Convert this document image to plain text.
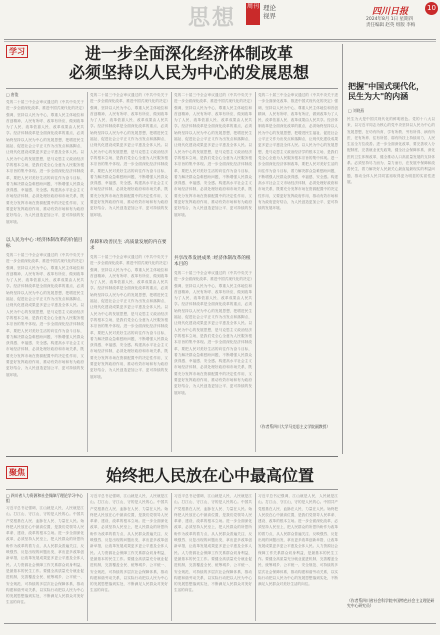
思想 周刊 理论
视界	四川日报	10
2024年8月 1日 星期四
责任编辑 赵英 组版 李梅
学习	进一步全面深化经济体制改革
必须坚持以人民为中心的发展思想
□ 唐俊
党的二十届三中全会审议通过的《中共中央关于进一步全面深化改革、推进中国式现代化的决定》强调，坚持以人民为中心，尊重人民主体地位和首创精神，人民有所呼、改革有所应，做到改革为了人民、改革依靠人民、改革成果由人民共享。经济体制改革是全面深化改革的重点，必须始终坚持以人民为中心的发展思想，把增进民生福祉、促进社会公平正义作为出发点和落脚点，让现代化建设成果更多更公平惠及全体人民。以人民为中心的发展思想，是马克思主义政治经济学的根本立场，是我们党全心全意为人民服务根本宗旨的集中体现。进一步全面深化经济体制改革，要把人民对美好生活的向往作为奋斗目标，着力解决群众急难愁盼问题，不断增强人民群众获得感、幸福感、安全感。构建高水平社会主义市场经济体制，必须处理好政府和市场关系，既要充分发挥市场在资源配置中的决定性作用，又要更好发挥政府作用，推动有效市场和有为政府更好结合，为人民创造更加公平、更可持续的发展环境。
以人民为中心 :经济体制改革的价值目标
党的二十届三中全会审议通过的《中共中央关于进一步全面深化改革、推进中国式现代化的决定》强调，坚持以人民为中心，尊重人民主体地位和首创精神，人民有所呼、改革有所应，做到改革为了人民、改革依靠人民、改革成果由人民共享。经济体制改革是全面深化改革的重点，必须始终坚持以人民为中心的发展思想，把增进民生福祉、促进社会公平正义作为出发点和落脚点，让现代化建设成果更多更公平惠及全体人民。以人民为中心的发展思想，是马克思主义政治经济学的根本立场，是我们党全心全意为人民服务根本宗旨的集中体现。进一步全面深化经济体制改革，要把人民对美好生活的向往作为奋斗目标，着力解决群众急难愁盼问题，不断增强人民群众获得感、幸福感、安全感。构建高水平社会主义市场经济体制，必须处理好政府和市场关系，既要充分发挥市场在资源配置中的决定性作用，又要更好发挥政府作用，推动有效市场和有为政府更好结合，为人民创造更加公平、更可持续的发展环境。
党的二十届三中全会审议通过的《中共中央关于进一步全面深化改革、推进中国式现代化的决定》强调，坚持以人民为中心，尊重人民主体地位和首创精神，人民有所呼、改革有所应，做到改革为了人民、改革依靠人民、改革成果由人民共享。经济体制改革是全面深化改革的重点，必须始终坚持以人民为中心的发展思想，把增进民生福祉、促进社会公平正义作为出发点和落脚点，让现代化建设成果更多更公平惠及全体人民。以人民为中心的发展思想，是马克思主义政治经济学的根本立场，是我们党全心全意为人民服务根本宗旨的集中体现。进一步全面深化经济体制改革，要把人民对美好生活的向往作为奋斗目标，着力解决群众急难愁盼问题，不断增强人民群众获得感、幸福感、安全感。构建高水平社会主义市场经济体制，必须处理好政府和市场关系，既要充分发挥市场在资源配置中的决定性作用，又要更好发挥政府作用，推动有效市场和有为政府更好结合，为人民创造更加公平、更可持续的发展环境。
保障和改善民生 :高质量发展的内在要求
党的二十届三中全会审议通过的《中共中央关于进一步全面深化改革、推进中国式现代化的决定》强调，坚持以人民为中心，尊重人民主体地位和首创精神，人民有所呼、改革有所应，做到改革为了人民、改革依靠人民、改革成果由人民共享。经济体制改革是全面深化改革的重点，必须始终坚持以人民为中心的发展思想，把增进民生福祉、促进社会公平正义作为出发点和落脚点，让现代化建设成果更多更公平惠及全体人民。以人民为中心的发展思想，是马克思主义政治经济学的根本立场，是我们党全心全意为人民服务根本宗旨的集中体现。进一步全面深化经济体制改革，要把人民对美好生活的向往作为奋斗目标，着力解决群众急难愁盼问题，不断增强人民群众获得感、幸福感、安全感。构建高水平社会主义市场经济体制，必须处理好政府和市场关系，既要充分发挥市场在资源配置中的决定性作用，又要更好发挥政府作用，推动有效市场和有为政府更好结合，为人民创造更加公平、更可持续的发展环境。
党的二十届三中全会审议通过的《中共中央关于进一步全面深化改革、推进中国式现代化的决定》强调，坚持以人民为中心，尊重人民主体地位和首创精神，人民有所呼、改革有所应，做到改革为了人民、改革依靠人民、改革成果由人民共享。经济体制改革是全面深化改革的重点，必须始终坚持以人民为中心的发展思想，把增进民生福祉、促进社会公平正义作为出发点和落脚点，让现代化建设成果更多更公平惠及全体人民。以人民为中心的发展思想，是马克思主义政治经济学的根本立场，是我们党全心全意为人民服务根本宗旨的集中体现。进一步全面深化经济体制改革，要把人民对美好生活的向往作为奋斗目标，着力解决群众急难愁盼问题，不断增强人民群众获得感、幸福感、安全感。构建高水平社会主义市场经济体制，必须处理好政府和市场关系，既要充分发挥市场在资源配置中的决定性作用，又要更好发挥政府作用，推动有效市场和有为政府更好结合，为人民创造更加公平、更可持续的发展环境。
共享改革发展成果 :经济体制改革的根本目的
党的二十届三中全会审议通过的《中共中央关于进一步全面深化改革、推进中国式现代化的决定》强调，坚持以人民为中心，尊重人民主体地位和首创精神，人民有所呼、改革有所应，做到改革为了人民、改革依靠人民、改革成果由人民共享。经济体制改革是全面深化改革的重点，必须始终坚持以人民为中心的发展思想，把增进民生福祉、促进社会公平正义作为出发点和落脚点，让现代化建设成果更多更公平惠及全体人民。以人民为中心的发展思想，是马克思主义政治经济学的根本立场，是我们党全心全意为人民服务根本宗旨的集中体现。进一步全面深化经济体制改革，要把人民对美好生活的向往作为奋斗目标，着力解决群众急难愁盼问题，不断增强人民群众获得感、幸福感、安全感。构建高水平社会主义市场经济体制，必须处理好政府和市场关系，既要充分发挥市场在资源配置中的决定性作用，又要更好发挥政府作用，推动有效市场和有为政府更好结合，为人民创造更加公平、更可持续的发展环境。
党的二十届三中全会审议通过的《中共中央关于进一步全面深化改革、推进中国式现代化的决定》强调，坚持以人民为中心，尊重人民主体地位和首创精神，人民有所呼、改革有所应，做到改革为了人民、改革依靠人民、改革成果由人民共享。经济体制改革是全面深化改革的重点，必须始终坚持以人民为中心的发展思想，把增进民生福祉、促进社会公平正义作为出发点和落脚点，让现代化建设成果更多更公平惠及全体人民。以人民为中心的发展思想，是马克思主义政治经济学的根本立场，是我们党全心全意为人民服务根本宗旨的集中体现。进一步全面深化经济体制改革，要把人民对美好生活的向往作为奋斗目标，着力解决群众急难愁盼问题，不断增强人民群众获得感、幸福感、安全感。构建高水平社会主义市场经济体制，必须处理好政府和市场关系，既要充分发挥市场在资源配置中的决定性作用，又要更好发挥政府作用，推动有效市场和有为政府更好结合，为人民创造更加公平、更可持续的发展环境。
（作者系四川大学马克思主义学院副教授）
把握"中国式现代化，
民生为大"的内涵
□ 刘晓燕
民生为大是中国式现代化的鲜明底色。党的十八大以来，以习近平同志为核心的党中央坚持以人民为中心的发展思想，在幼有所育、学有所教、劳有所得、病有所医、老有所养、住有所居、弱有所扶上持续用力，人民生活全方位改善。进一步全面深化改革，要完善收入分配制度，完善就业优先政策，健全社会保障体系，深化医药卫生体制改革，健全推动人口高质量发展的支持体系。必须坚持尽力而为、量力而行，在发展中保障和改善民生，着力解决好人民最关心最直接最现实的利益问题，推动全体人民共同富裕取得更为明显的实质性进展。
（作者系四川省社会科学院中国特色社会主义理论研究中心研究员）
聚焦	始终把人民放在心中最高位置
□ 四川省人力资源和社会保障厅理论学习中心组
习近平总书记强调，江山就是人民，人民就是江山。打江山、守江山，守的是人民的心。中国共产党根基在人民、血脉在人民、力量在人民。始终把人民放在心中最高位置，是我们党领导人民革命、建设、改革的根本立场。进一步全面深化改革，必须坚持人民至上，把人民群众的所思所盼作为改革的着力点，从人民群众普遍关注、反映强烈、反复出现的问题出发，拿出更多改革创新举措，让改革发展成果更多更公平惠及全体人民。人力资源社会保障工作关系群众切身利益，是最基本的民生工作。要健全高质量充分就业促进机制，完善覆盖全民、统筹城乡、公平统一、安全规范、可持续的多层次社会保障体系，推动构建和谐劳动关系，以实际行动把以人民为中心的发展思想落到实处，不断满足人民群众对美好生活的向往。
习近平总书记强调，江山就是人民，人民就是江山。打江山、守江山，守的是人民的心。中国共产党根基在人民、血脉在人民、力量在人民。始终把人民放在心中最高位置，是我们党领导人民革命、建设、改革的根本立场。进一步全面深化改革，必须坚持人民至上，把人民群众的所思所盼作为改革的着力点，从人民群众普遍关注、反映强烈、反复出现的问题出发，拿出更多改革创新举措，让改革发展成果更多更公平惠及全体人民。人力资源社会保障工作关系群众切身利益，是最基本的民生工作。要健全高质量充分就业促进机制，完善覆盖全民、统筹城乡、公平统一、安全规范、可持续的多层次社会保障体系，推动构建和谐劳动关系，以实际行动把以人民为中心的发展思想落到实处，不断满足人民群众对美好生活的向往。
习近平总书记强调，江山就是人民，人民就是江山。打江山、守江山，守的是人民的心。中国共产党根基在人民、血脉在人民、力量在人民。始终把人民放在心中最高位置，是我们党领导人民革命、建设、改革的根本立场。进一步全面深化改革，必须坚持人民至上，把人民群众的所思所盼作为改革的着力点，从人民群众普遍关注、反映强烈、反复出现的问题出发，拿出更多改革创新举措，让改革发展成果更多更公平惠及全体人民。人力资源社会保障工作关系群众切身利益，是最基本的民生工作。要健全高质量充分就业促进机制，完善覆盖全民、统筹城乡、公平统一、安全规范、可持续的多层次社会保障体系，推动构建和谐劳动关系，以实际行动把以人民为中心的发展思想落到实处，不断满足人民群众对美好生活的向往。
习近平总书记强调，江山就是人民，人民就是江山。打江山、守江山，守的是人民的心。中国共产党根基在人民、血脉在人民、力量在人民。始终把人民放在心中最高位置，是我们党领导人民革命、建设、改革的根本立场。进一步全面深化改革，必须坚持人民至上，把人民群众的所思所盼作为改革的着力点，从人民群众普遍关注、反映强烈、反复出现的问题出发，拿出更多改革创新举措，让改革发展成果更多更公平惠及全体人民。人力资源社会保障工作关系群众切身利益，是最基本的民生工作。要健全高质量充分就业促进机制，完善覆盖全民、统筹城乡、公平统一、安全规范、可持续的多层次社会保障体系，推动构建和谐劳动关系，以实际行动把以人民为中心的发展思想落到实处，不断满足人民群众对美好生活的向往。
